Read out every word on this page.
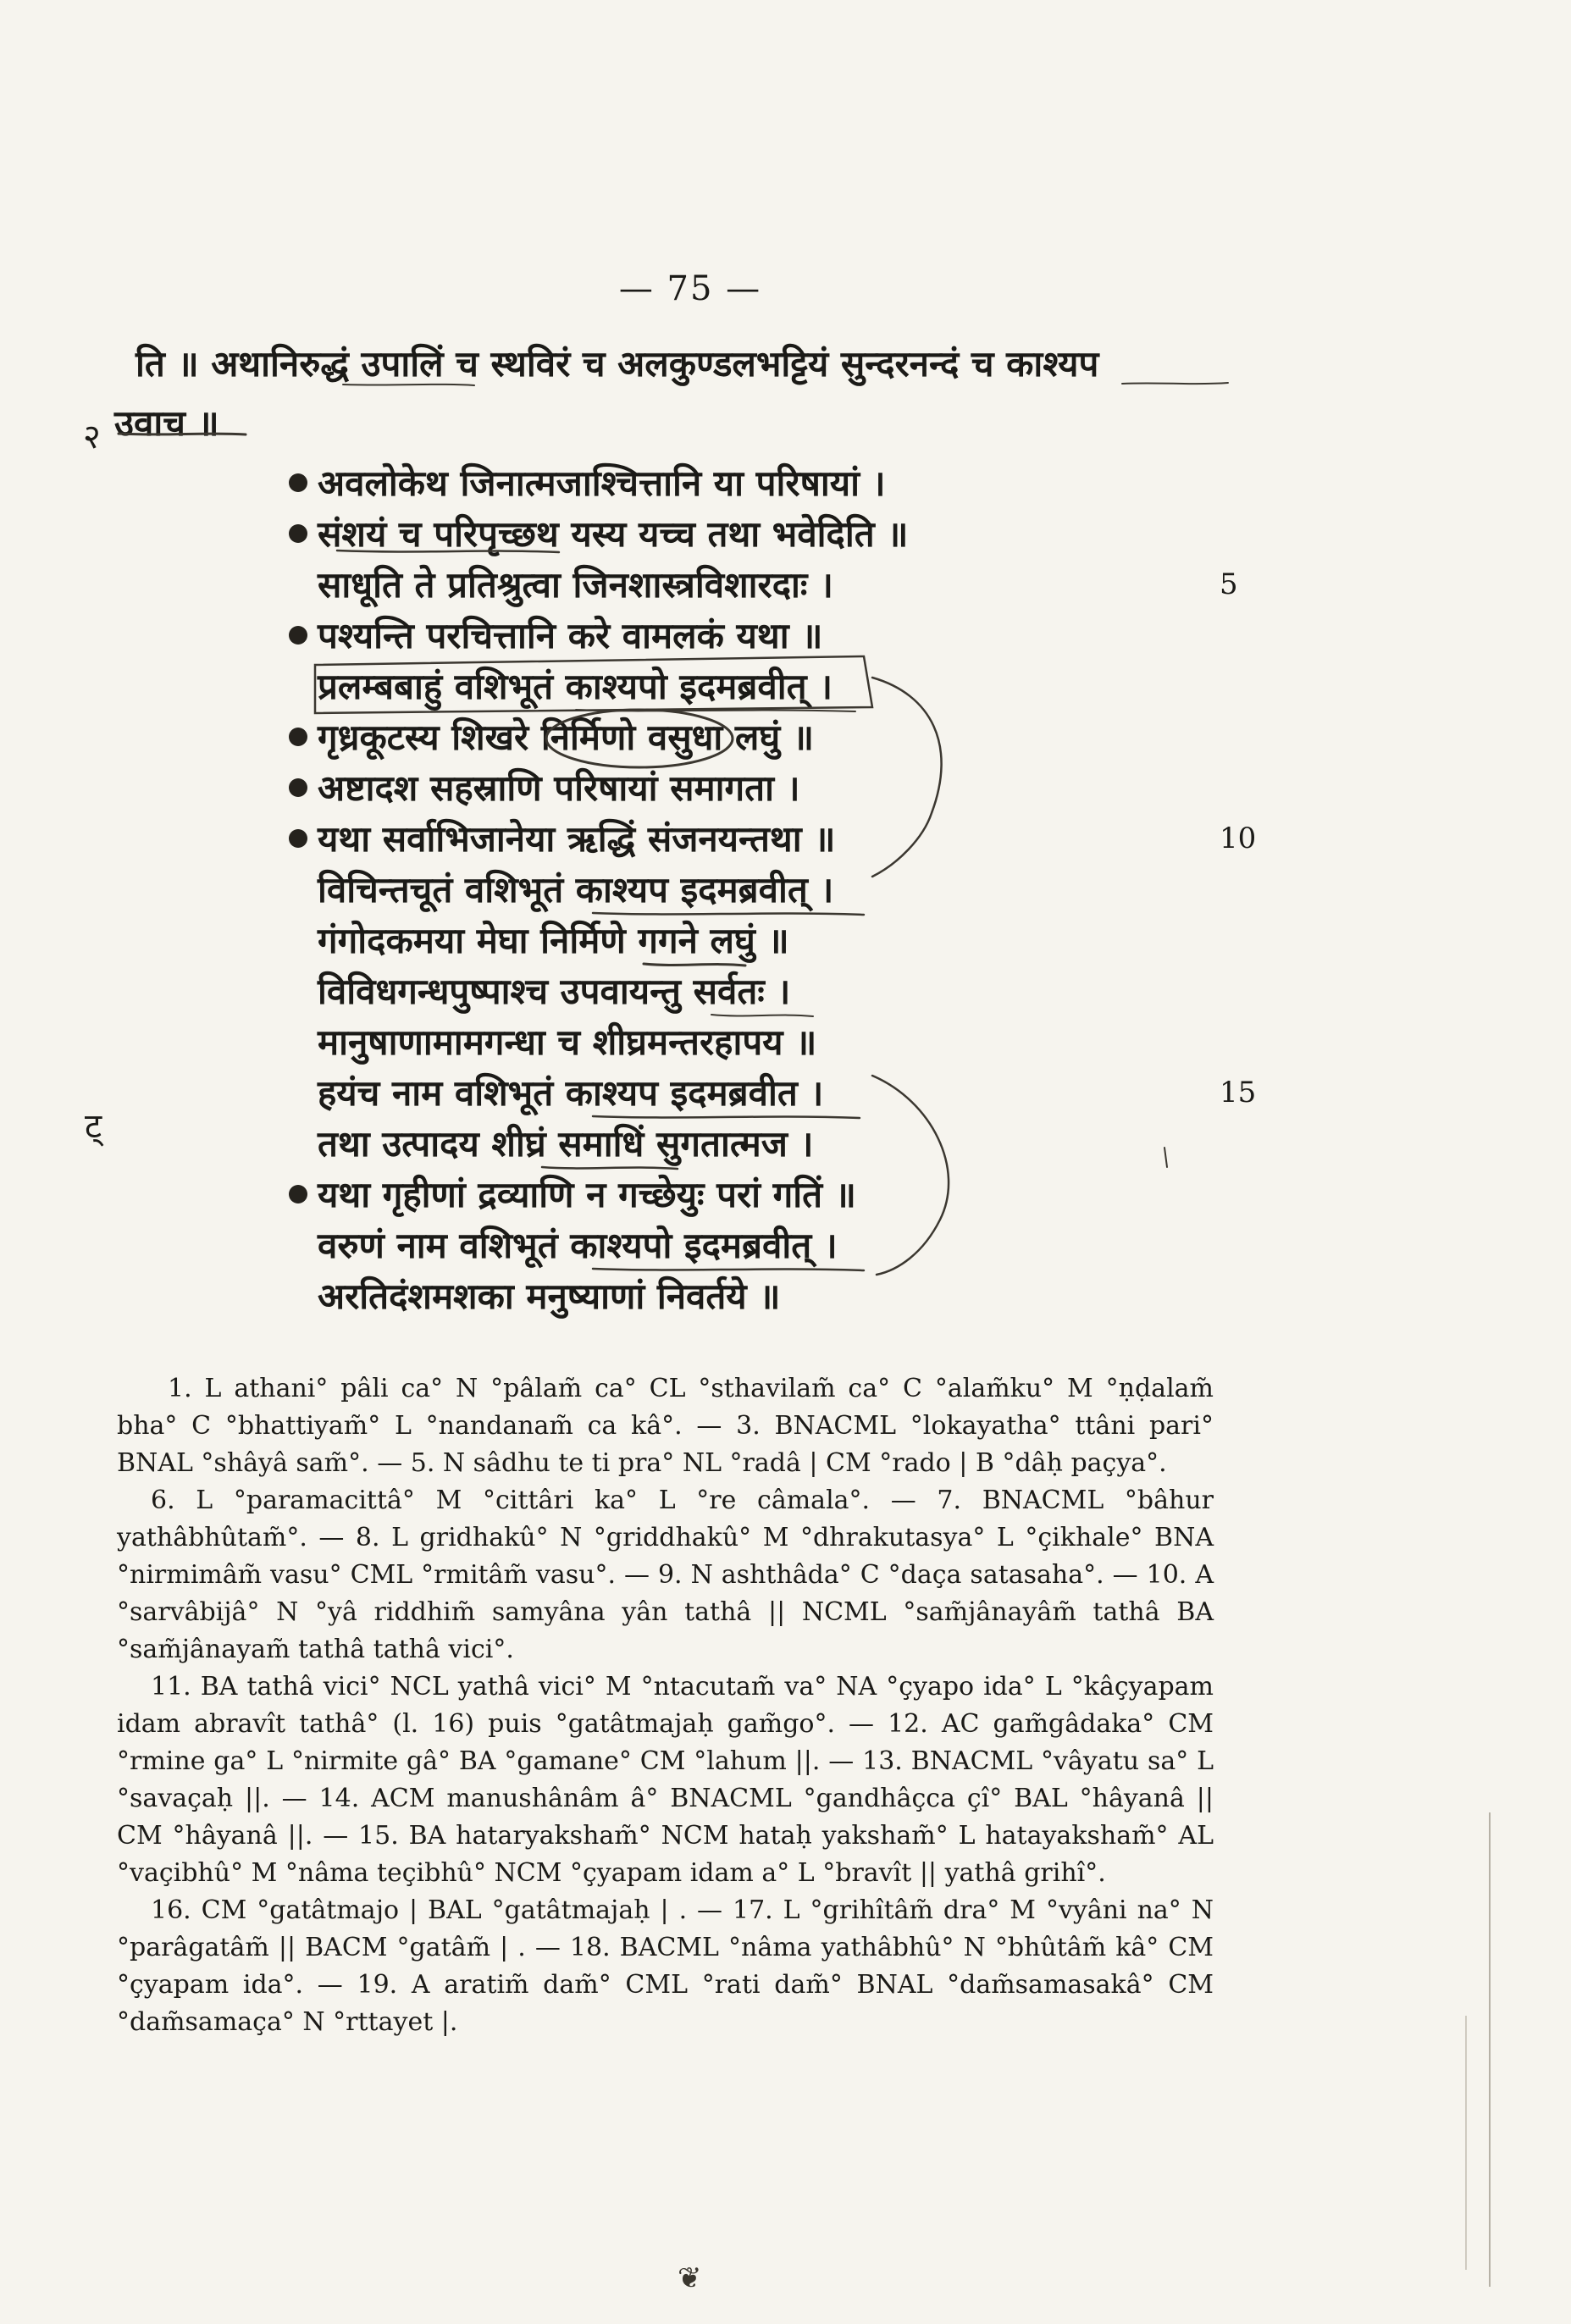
— 75 —
ति ॥ अथानिरुद्धं उपालिं च स्थविरं च अलकुण्डलभट्टियं सुन्दरनन्दं च काश्यप
उवाच ॥
२
अवलोकेथ जिनात्मजाश्चित्तानि या परिषायां ।
संशयं च परिपृच्छथ यस्य यच्च तथा भवेदिति ॥
साधूति ते प्रतिश्रुत्वा जिनशास्त्रविशारदाः ।
पश्यन्ति परचित्तानि करे वामलकं यथा ॥
प्रलम्बबाहुं वशिभूतं काश्यपो इदमब्रवीत् ।
गृध्रकूटस्य शिखरे निर्मिणो वसुधा लघुं ॥
अष्टादश सहस्राणि परिषायां समागता ।
यथा सर्वाभिजानेया ऋद्धिं संजनयन्तथा ॥
विचिन्तचूतं वशिभूतं काश्यप इदमब्रवीत् ।
गंगोदकमया मेघा निर्मिणे गगने लघुं ॥
विविधगन्धपुष्पाश्च उपवायन्तु सर्वतः ।
मानुषाणामामगन्धा च शीघ्रमन्तरहापय ॥
हयंच नाम वशिभूतं काश्यप इदमब्रवीत ।
तथा उत्पादय शीघ्रं समाधिं सुगतात्मज ।
यथा गृहीणां द्रव्याणि न गच्छेयुः परां गतिं ॥
वरुणं नाम वशिभूतं काश्यपो इदमब्रवीत् ।
अरतिदंशमशका मनुष्याणां निवर्तये ॥
5
10
15
ट्

1. L athani° pâli ca° N °pâlam̃ ca° CL °sthavilam̃ ca° C °alam̃ku° M °ṇḍalam̃ bha° C °bhattiyam̃° L °nandanam̃ ca kâ°. — 3. BNACML °lokayatha° ttâni pari° BNAL °shâyâ sam̃°. — 5. N sâdhu te ti pra° NL °radâ | CM °rado | B °dâḥ paçya°.

6. L °paramacittâ° M °cittâri ka° L °re câmala°. — 7. BNACML °bâhur yathâbhûtam̃°. — 8. L gridhakû° N °griddhakû° M °dhrakutasya° L °çikhale° BNA °nirmimâm̃ vasu° CML °rmitâm̃ vasu°. — 9. N ashthâda° C °daça satasaha°. — 10. A °sarvâbijâ° N °yâ riddhim̃ samyâna yân tathâ || NCML °sam̃jânayâm̃ tathâ BA °sam̃jânayam̃ tathâ tathâ vici°.

11. BA tathâ vici° NCL yathâ vici° M °ntacutam̃ va° NA °çyapo ida° L °kâçyapam idam abravît tathâ° (l. 16) puis °gatâtmajaḥ gam̃go°. — 12. AC gam̃gâdaka° CM °rmine ga° L °nirmite gâ° BA °gamane° CM °lahum ||. — 13. BNACML °vâyatu sa° L °savaçaḥ ||. — 14. ACM manushânâm â° BNACML °gandhâçca çî° BAL °hâyanâ || CM °hâyanâ ||. — 15. BA hataryaksham̃° NCM hataḥ yaksham̃° L hatayaksham̃° AL °vaçibhû° M °nâma teçibhû° NCM °çyapam idam a° L °bravît || yathâ grihî°.

16. CM °gatâtmajo | BAL °gatâtmajaḥ | . — 17. L °grihîtâm̃ dra° M °vyâni na° N °parâgatâm̃ || BACM °gatâm̃ | . — 18. BACML °nâma yathâbhû° N °bhûtâm̃ kâ° CM °çyapam ida°. — 19. A aratim̃ dam̃° CML °rati dam̃° BNAL °dam̃samasakâ° CM °dam̃samaça° N °rttayet |.

❦
